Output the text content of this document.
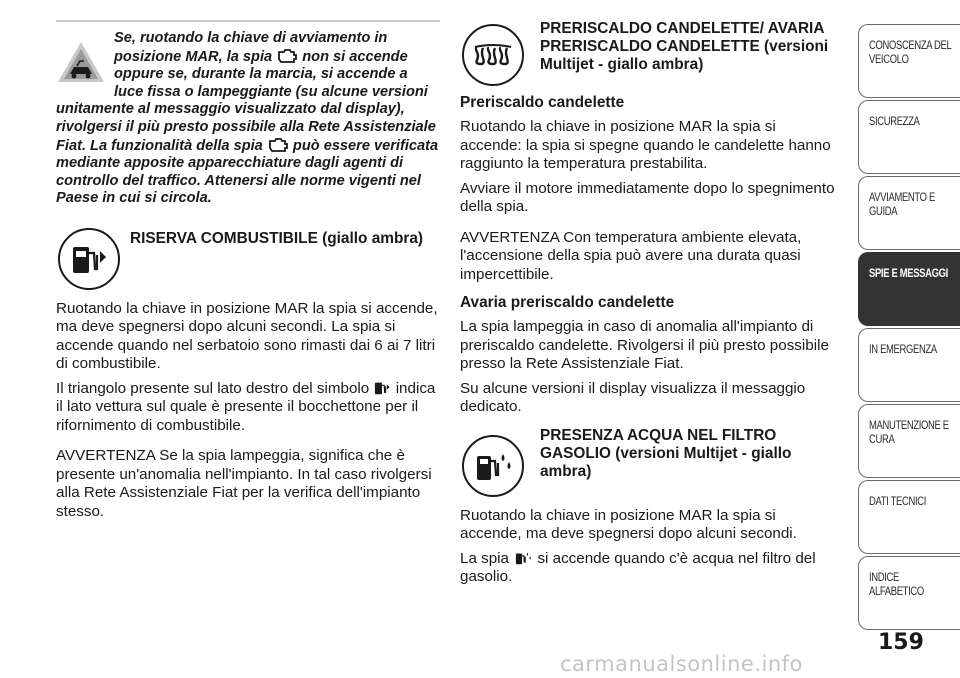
Se, ruotando la chiave di avviamento in posizione MAR, la spia non si accende oppure se, durante la marcia, si accende a luce fissa o lampeggiante (su alcune versioni unitamente al messaggio visualizzato dal display), rivolgersi il più presto possibile alla Rete Assistenziale Fiat. La funzionalità della spia può essere verificata mediante apposite apparecchiature dagli agenti di controllo del traffico. Attenersi alle norme vigenti nel Paese in cui si circola.
RISERVA COMBUSTIBILE (giallo ambra)

Ruotando la chiave in posizione MAR la spia si accende, ma deve spegnersi dopo alcuni secondi. La spia si accende quando nel serbatoio sono rimasti dai 6 ai 7 litri di combustibile.

Il triangolo presente sul lato destro del simbolo indica il lato vettura sul quale è presente il bocchettone per il rifornimento di combustibile.

AVVERTENZA Se la spia lampeggia, significa che è presente un'anomalia nell'impianto. In tal caso rivolgersi alla Rete Assistenziale Fiat per la verifica dell'impianto stesso.

PRERISCALDO CANDELETTE/ AVARIA PRERISCALDO CANDELETTE (versioni Multijet - giallo ambra)
Preriscaldo candelette

Ruotando la chiave in posizione MAR la spia si accende: la spia si spegne quando le candelette hanno raggiunto la temperatura prestabilita.

Avviare il motore immediatamente dopo lo spegnimento della spia.

AVVERTENZA Con temperatura ambiente elevata, l'accensione della spia può avere una durata quasi impercettibile.

Avaria preriscaldo candelette

La spia lampeggia in caso di anomalia all'impianto di preriscaldo candelette. Rivolgersi il più presto possibile presso la Rete Assistenziale Fiat.

Su alcune versioni il display visualizza il messaggio dedicato.

PRESENZA ACQUA NEL FILTRO GASOLIO (versioni Multijet - giallo ambra)

Ruotando la chiave in posizione MAR la spia si accende, ma deve spegnersi dopo alcuni secondi.

La spia si accende quando c'è acqua nel filtro del gasolio.

CONOSCENZA DEL VEICOLO
SICUREZZA
AVVIAMENTO E GUIDA
SPIE E MESSAGGI
IN EMERGENZA
MANUTENZIONE E CURA
DATI TECNICI
INDICE ALFABETICO
159
carmanualsonline.info
